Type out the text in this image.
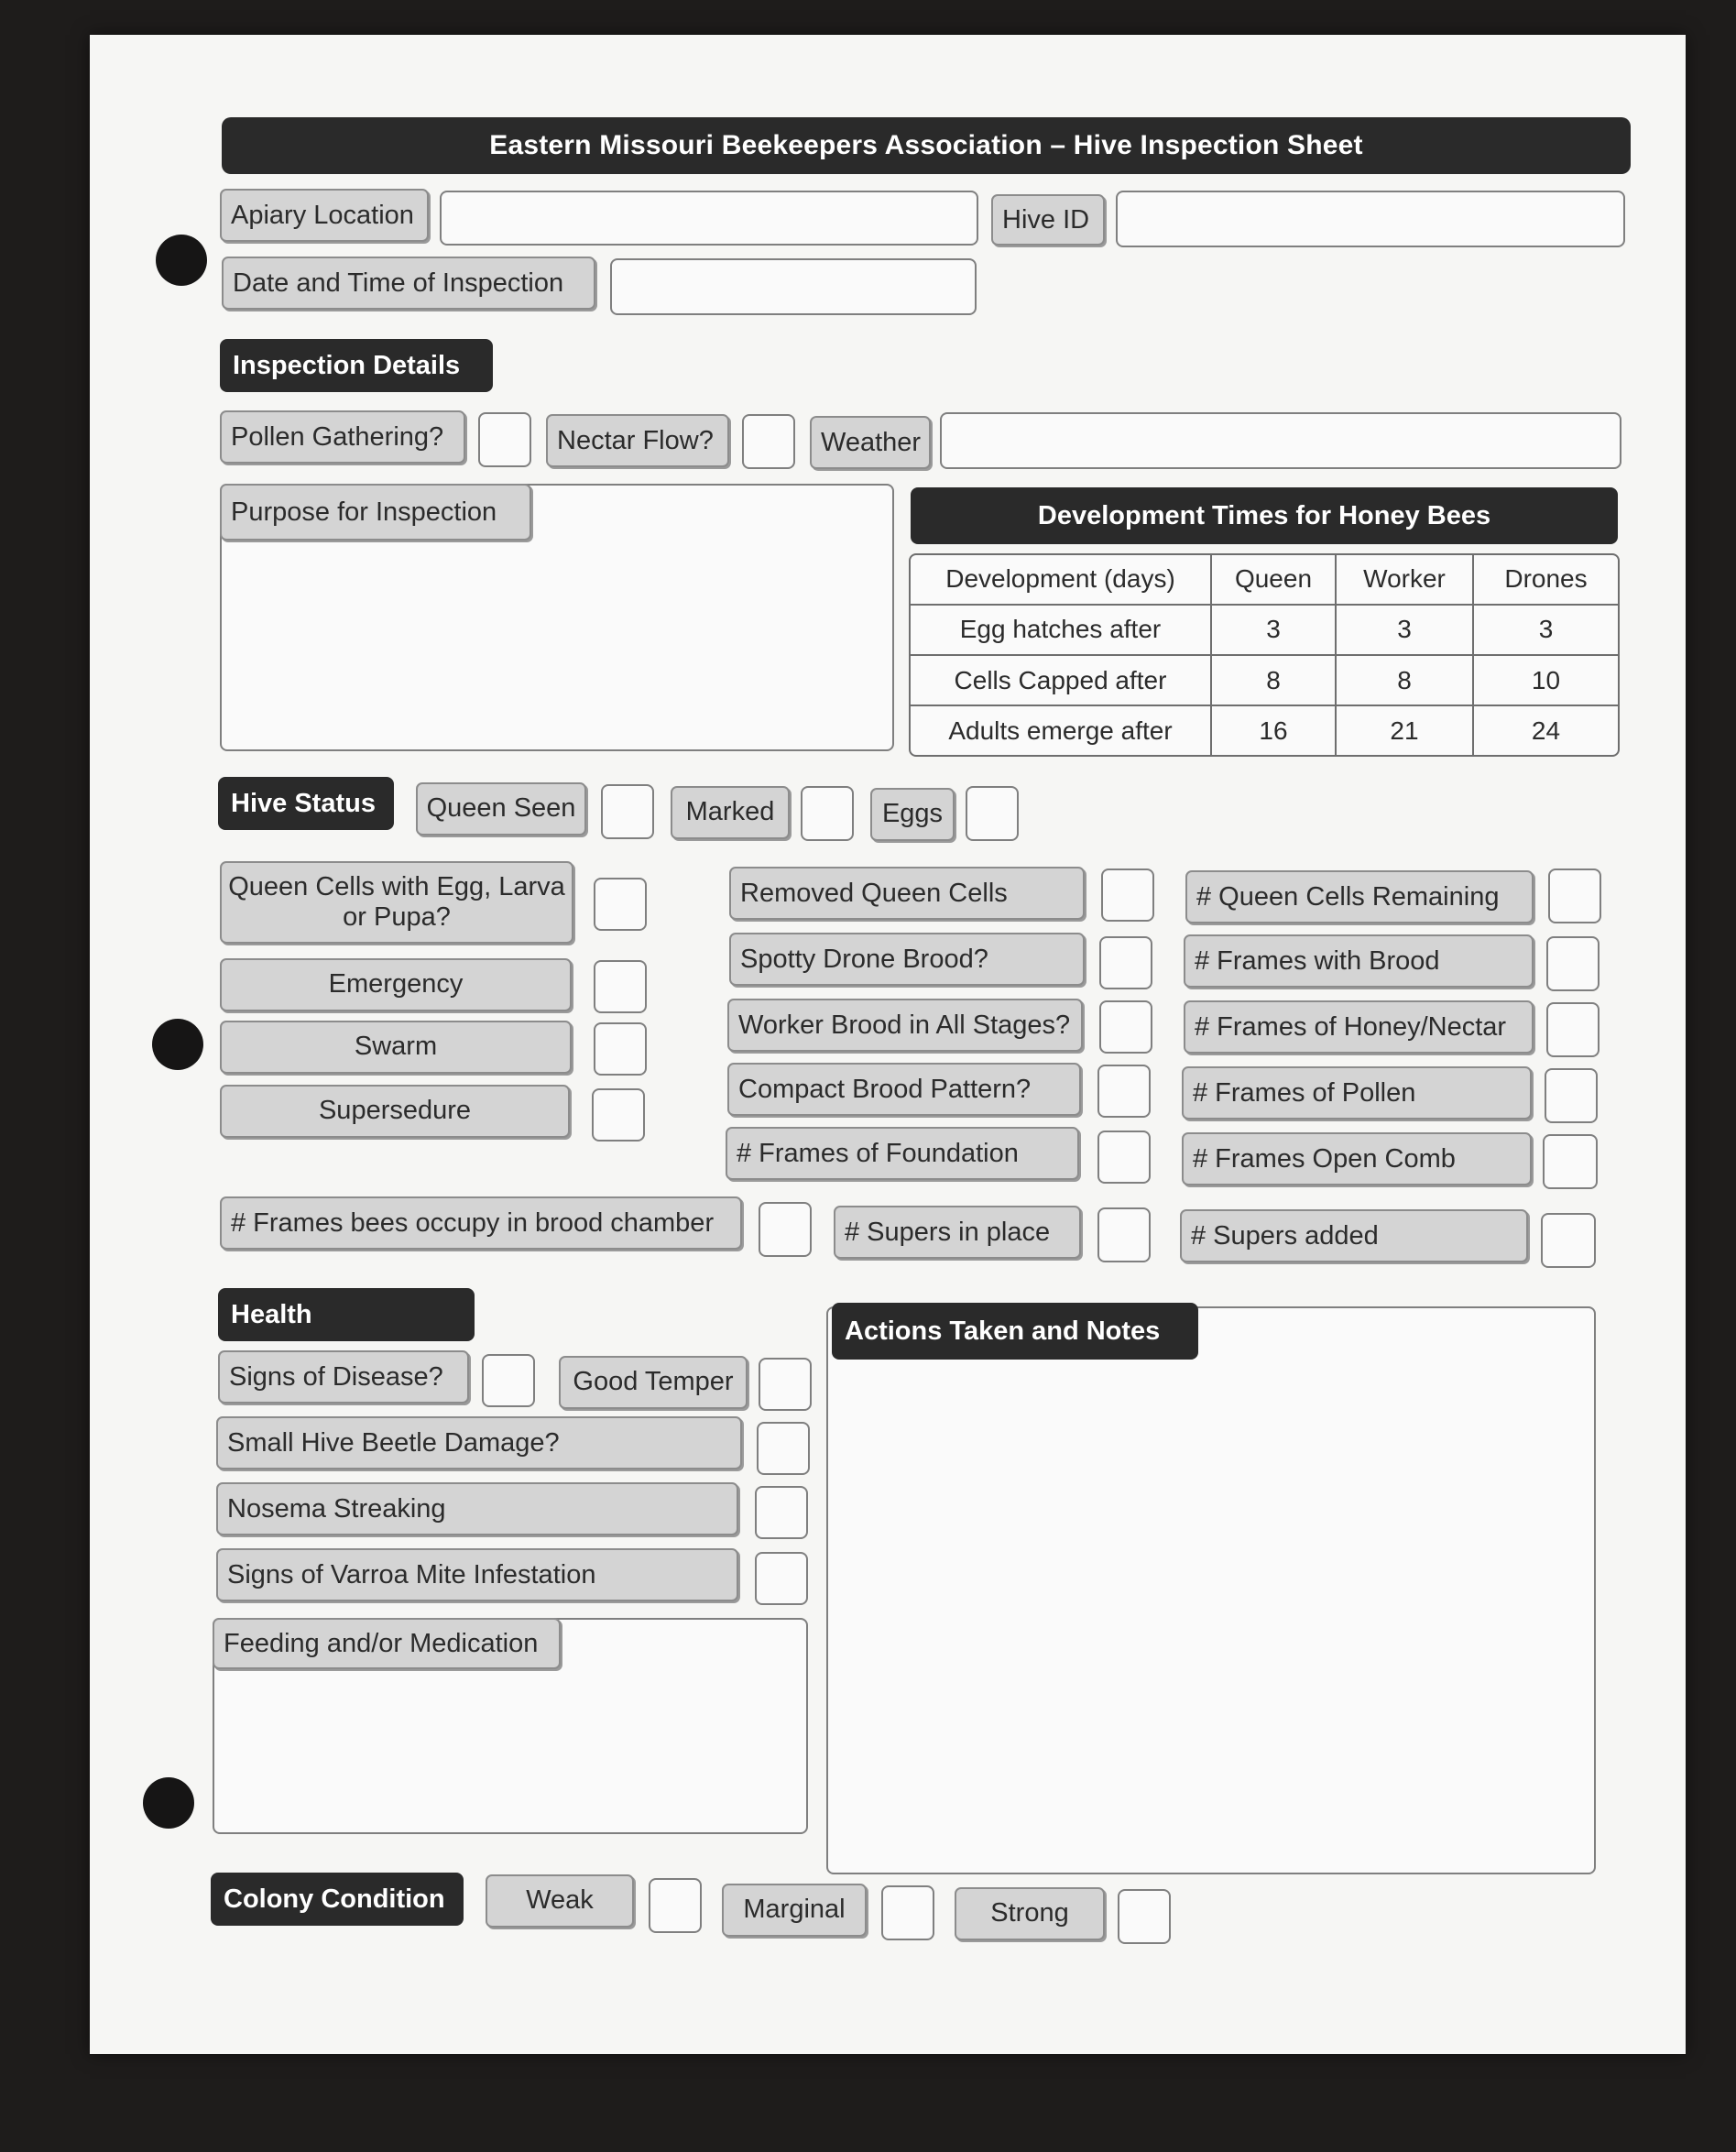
Eastern Missouri Beekeepers Association – Hive Inspection Sheet
Apiary Location	Hive ID
Date and Time of Inspection
Inspection Details
Pollen Gathering?	Nectar Flow?	Weather
Purpose for Inspection	Development Times for Honey Bees
Development (days)	Queen	Worker	Drones
Egg hatches after	3	3	3
Cells Capped after	8	8	10
Adults emerge after	16	21	24
Hive Status	Queen Seen	Marked	Eggs
Queen Cells with Egg, Larva or Pupa?
Emergency
Swarm
Supersedure
Removed Queen Cells
Spotty Drone Brood?
Worker Brood in All Stages?
Compact Brood Pattern?
# Frames of Foundation
# Queen Cells Remaining
# Frames with Brood
# Frames of Honey/Nectar
# Frames of Pollen
# Frames Open Comb
# Frames bees occupy in brood chamber	# Supers in place	# Supers added
Health
Signs of Disease?	Good Temper
Small Hive Beetle Damage?
Nosema Streaking
Signs of Varroa Mite Infestation
Feeding and/or Medication
Actions Taken and Notes
Colony Condition	Weak	Marginal	Strong
